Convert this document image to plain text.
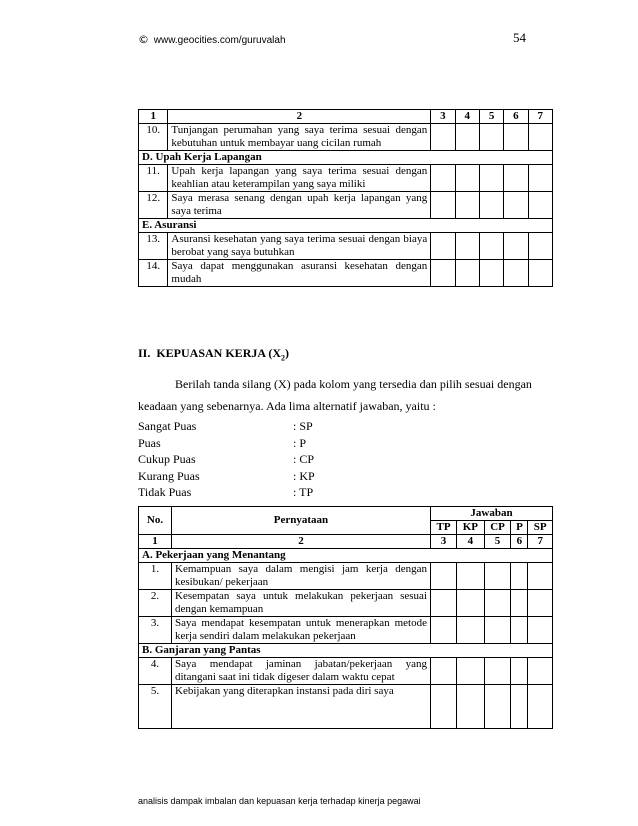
© www.geocities.com/guruvalah	54
1	2	3	4	5	6	7
10.	Tunjangan perumahan yang saya terima sesuai dengan kebutuhan untuk membayar uang cicilan rumah					
D. Upah Kerja Lapangan						
11.	Upah kerja lapangan yang saya terima sesuai dengan keahlian atau keterampilan yang saya miliki					
12.	Saya merasa senang dengan upah kerja lapangan yang saya terima					
E. Asuransi						
13.	Asuransi kesehatan yang saya terima sesuai dengan biaya berobat yang saya butuhkan					
14.	Saya dapat menggunakan asuransi kesehatan dengan mudah					
II. KEPUASAN KERJA $(X_2)$
Berilah tanda silang (X) pada kolom yang tersedia dan pilih sesuai dengan
keadaan yang sebenarnya. Ada lima alternatif jawaban, yaitu :
Sangat Puas	: SP
Puas	: P
Cukup Puas	: CP
Kurang Puas	: KP
Tidak Puas	: TP
No.	Pernyataan	Jawaban				
		TP	KP	CP	P	SP
1	2	3	4	5	6	7
A. Pekerjaan yang Menantang						
1.	Kemampuan saya dalam mengisi jam kerja dengan kesibukan/ pekerjaan					
2.	Kesempatan saya untuk melakukan pekerjaan sesuai dengan kemampuan					
3.	Saya mendapat kesempatan untuk menerapkan metode kerja sendiri dalam melakukan pekerjaan					
B. Ganjaran yang Pantas						
4.	Saya mendapat jaminan jabatan/pekerjaan yang ditangani saat ini tidak digeser dalam waktu cepat					
5.	Kebijakan yang diterapkan instansi pada diri saya					
analisis dampak imbalan dan kepuasan kerja terhadap kinerja pegawai
